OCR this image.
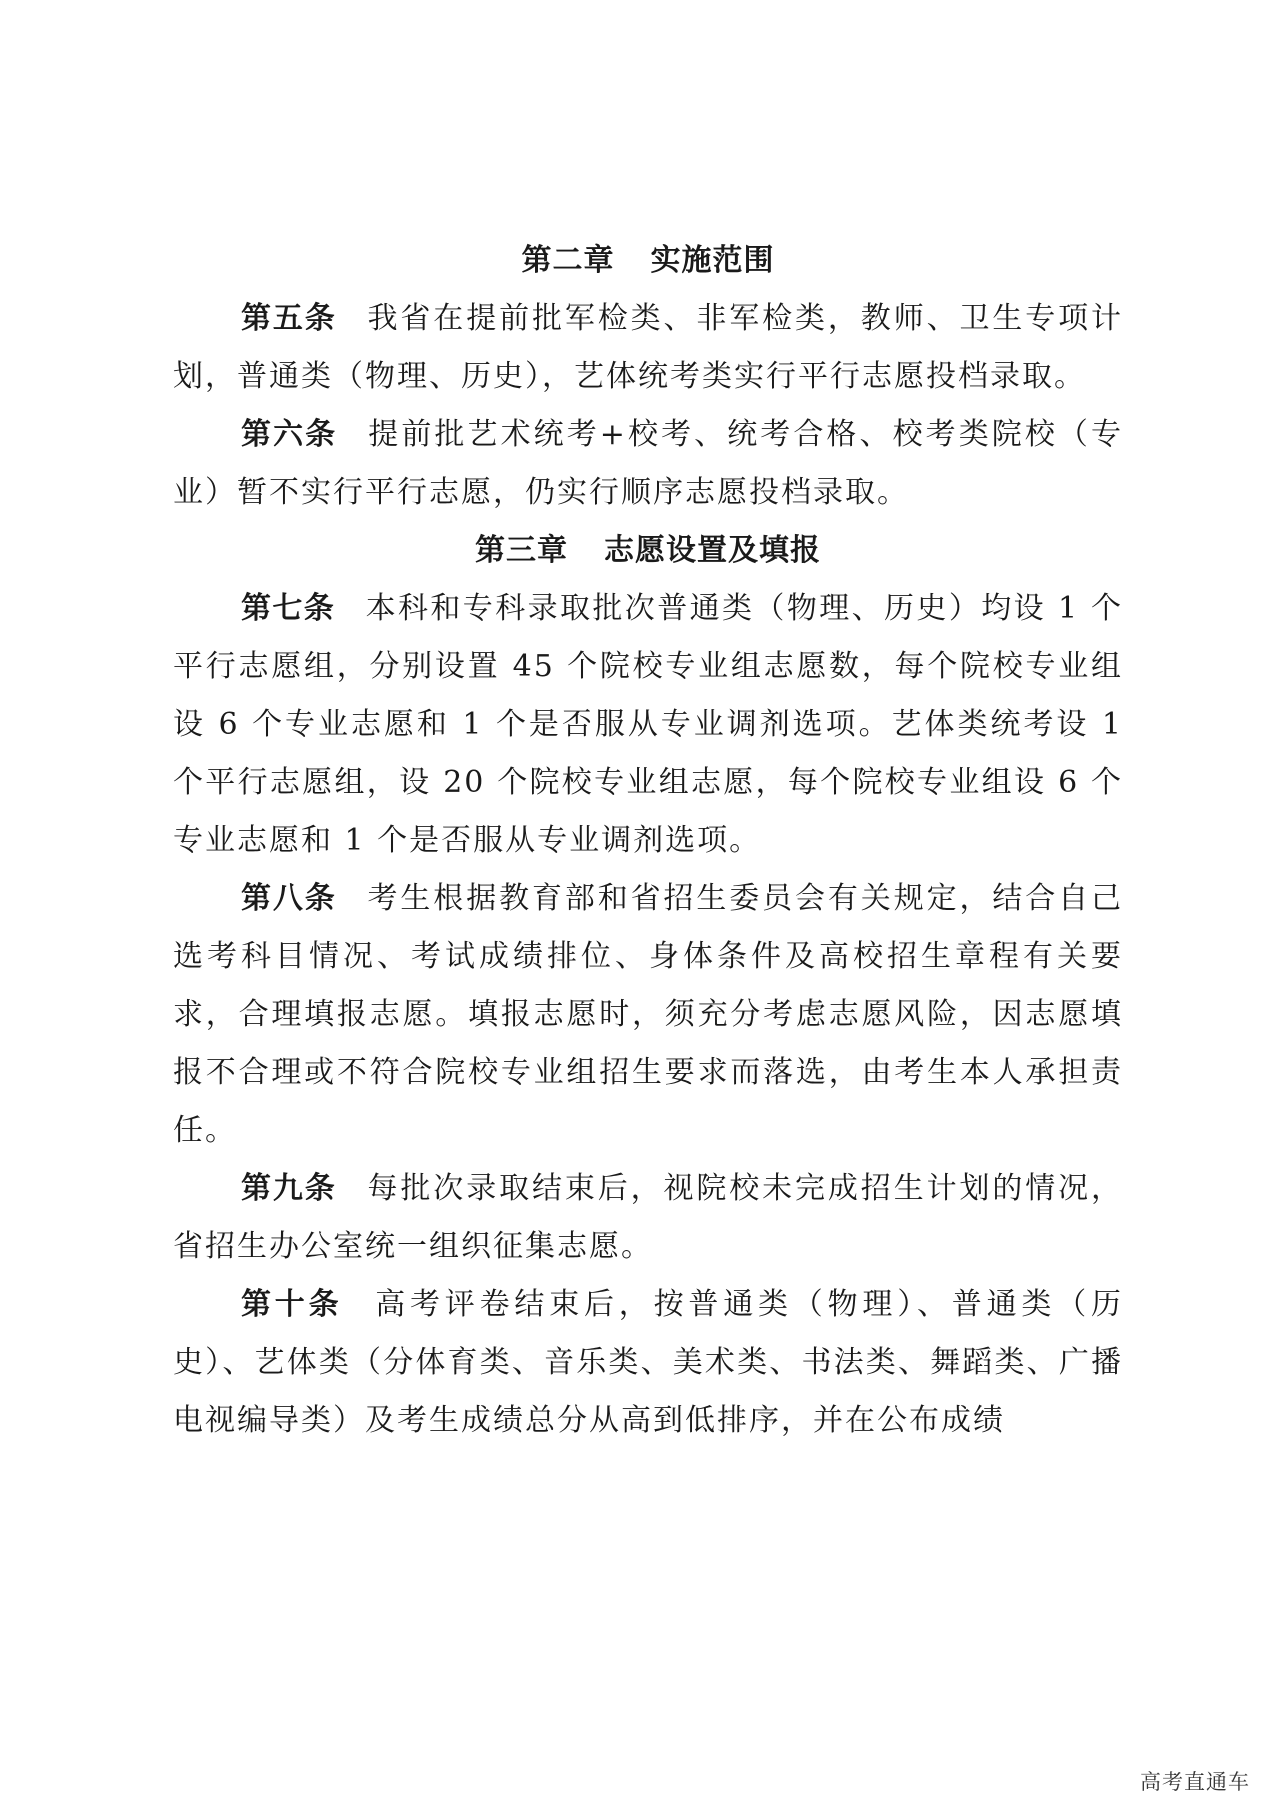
第二章 实施范围

第五条 我省在提前批军检类、非军检类，教师、卫生专项计划，普通类（物理、历史），艺体统考类实行平行志愿投档录取。

第六条 提前批艺术统考+校考、统考合格、校考类院校（专业）暂不实行平行志愿，仍实行顺序志愿投档录取。

第三章 志愿设置及填报

第七条 本科和专科录取批次普通类（物理、历史）均设 1 个平行志愿组，分别设置 45 个院校专业组志愿数，每个院校专业组设 6 个专业志愿和 1 个是否服从专业调剂选项。艺体类统考设 1 个平行志愿组，设 20 个院校专业组志愿，每个院校专业组设 6 个专业志愿和 1 个是否服从专业调剂选项。

第八条 考生根据教育部和省招生委员会有关规定，结合自己选考科目情况、考试成绩排位、身体条件及高校招生章程有关要求，合理填报志愿。填报志愿时，须充分考虑志愿风险，因志愿填报不合理或不符合院校专业组招生要求而落选，由考生本人承担责任。

第九条 每批次录取结束后，视院校未完成招生计划的情况，省招生办公室统一组织征集志愿。

第十条 高考评卷结束后，按普通类（物理）、普通类（历史）、艺体类（分体育类、音乐类、美术类、书法类、舞蹈类、广播电视编导类）及考生成绩总分从高到低排序，并在公布成绩

高考直通车
